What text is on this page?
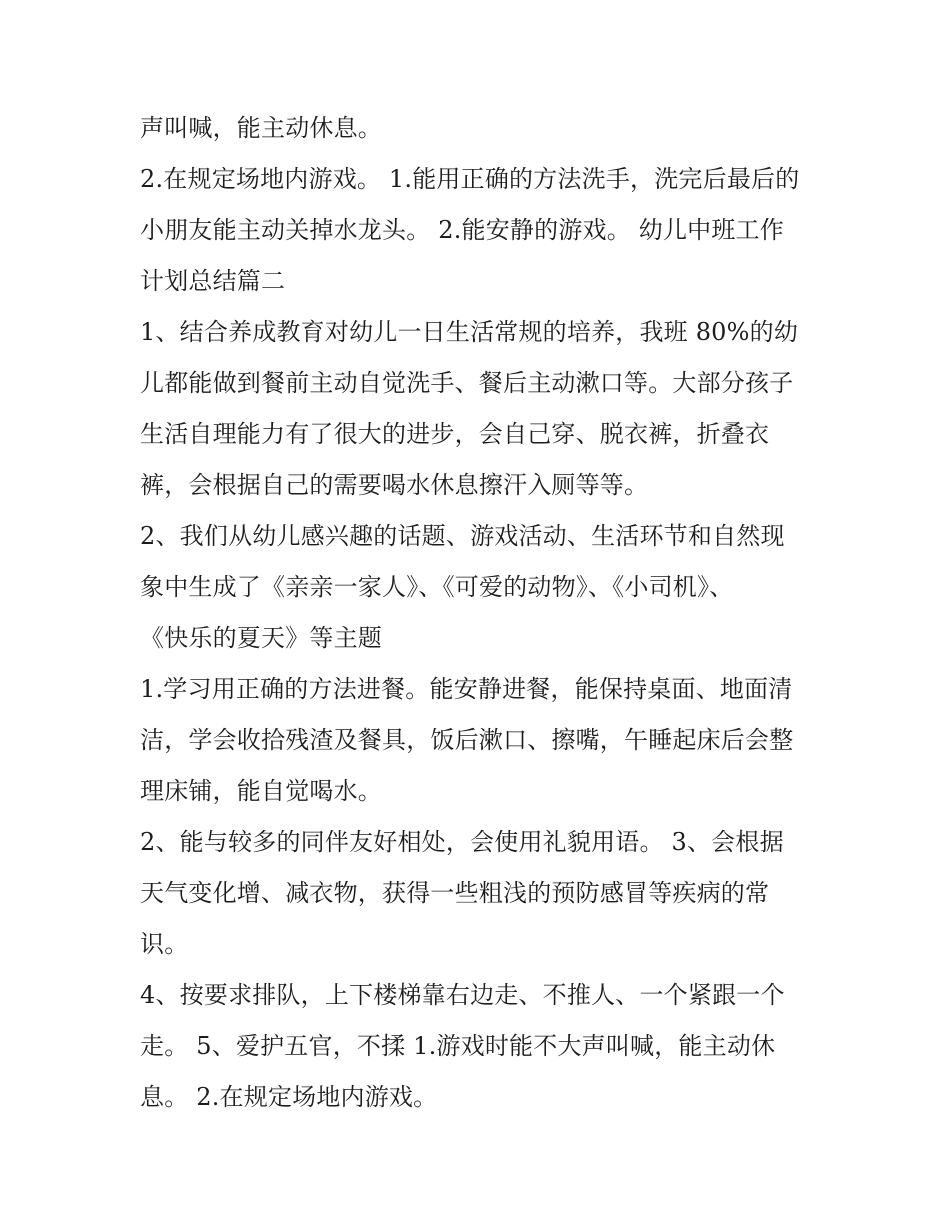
声叫喊，能主动休息。
2.在规定场地内游戏。 1.能用正确的方法洗手，洗完后最后的
小朋友能主动关掉水龙头。 2.能安静的游戏。 幼儿中班工作
计划总结篇二
1、结合养成教育对幼儿一日生活常规的培养，我班 80%的幼
儿都能做到餐前主动自觉洗手、餐后主动漱口等。大部分孩子
生活自理能力有了很大的进步，会自己穿、脱衣裤，折叠衣
裤，会根据自己的需要喝水休息擦汗入厕等等。
2、我们从幼儿感兴趣的话题、游戏活动、生活环节和自然现
象中生成了《亲亲一家人》、《可爱的动物》、《小司机》、
《快乐的夏天》等主题
1.学习用正确的方法进餐。能安静进餐，能保持桌面、地面清
洁，学会收拾残渣及餐具，饭后漱口、擦嘴，午睡起床后会整
理床铺，能自觉喝水。
2、能与较多的同伴友好相处，会使用礼貌用语。 3、会根据
天气变化增、减衣物，获得一些粗浅的预防感冒等疾病的常
识。
4、按要求排队，上下楼梯靠右边走、不推人、一个紧跟一个
走。 5、爱护五官，不揉 1.游戏时能不大声叫喊，能主动休
息。 2.在规定场地内游戏。
